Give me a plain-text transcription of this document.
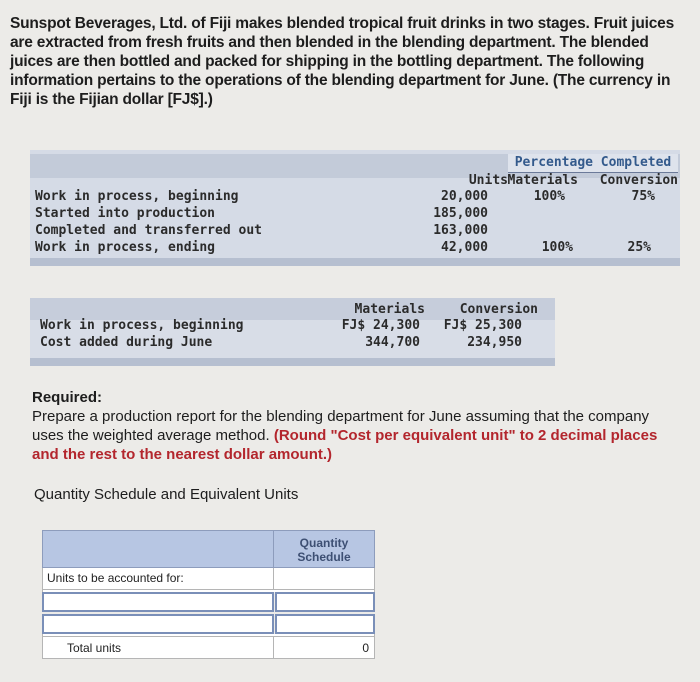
Sunspot Beverages, Ltd. of Fiji makes blended tropical fruit drinks in two stages. Fruit juices are extracted from fresh fruits and then blended in the blending department. The blended juices are then bottled and packed for shipping in the bottling department. The following information pertains to the operations of the blending department for June. (The currency in Fiji is the Fijian dollar [FJ$].)
Percentage Completed
Units Materials Conversion
Work in process, beginning	20,000	100%	75%
Started into production	185,000
Completed and transferred out	163,000
Work in process, ending	42,000	100%	25%
Materials	Conversion
Work in process, beginning	FJ$ 24,300	FJ$ 25,300
Cost added during June	344,700	234,950
Required:
Prepare a production report for the blending department for June assuming that the company uses the weighted average method. (Round "Cost per equivalent unit" to 2 decimal places and the rest to the nearest dollar amount.)
Quantity Schedule and Equivalent Units
Quantity Schedule
Units to be accounted for:
Total units	0
